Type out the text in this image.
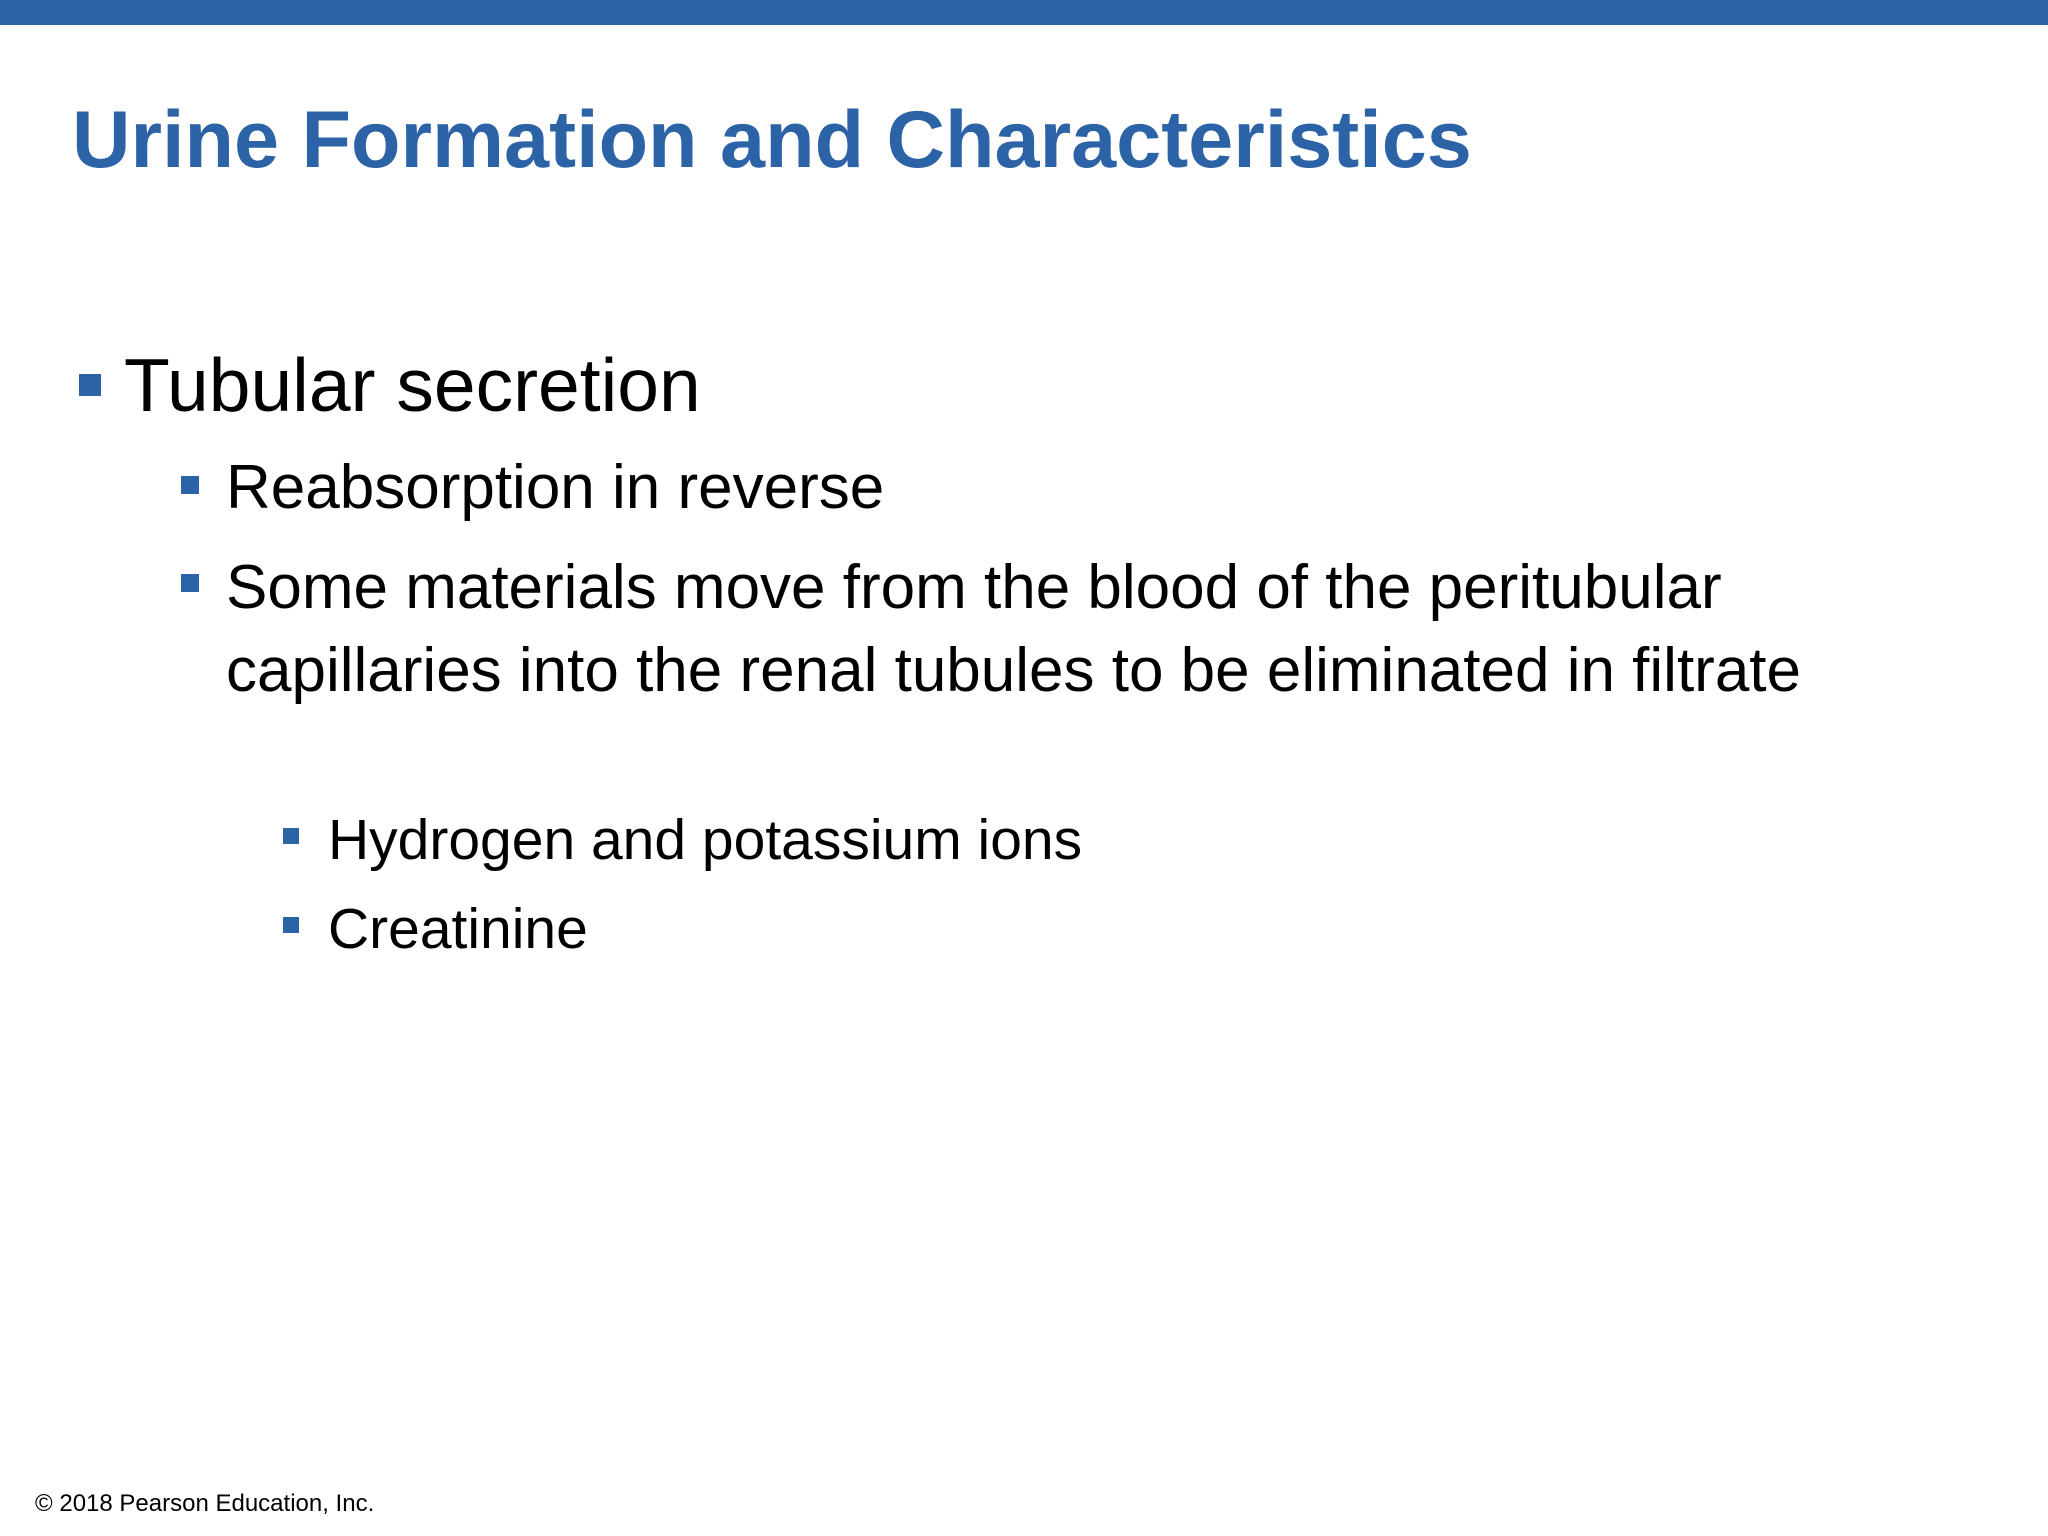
Urine Formation and Characteristics
Tubular secretion
Reabsorption in reverse
Some materials move from the blood of the peritubular capillaries into the renal tubules to be eliminated in filtrate
Hydrogen and potassium ions
Creatinine
© 2018 Pearson Education, Inc.
